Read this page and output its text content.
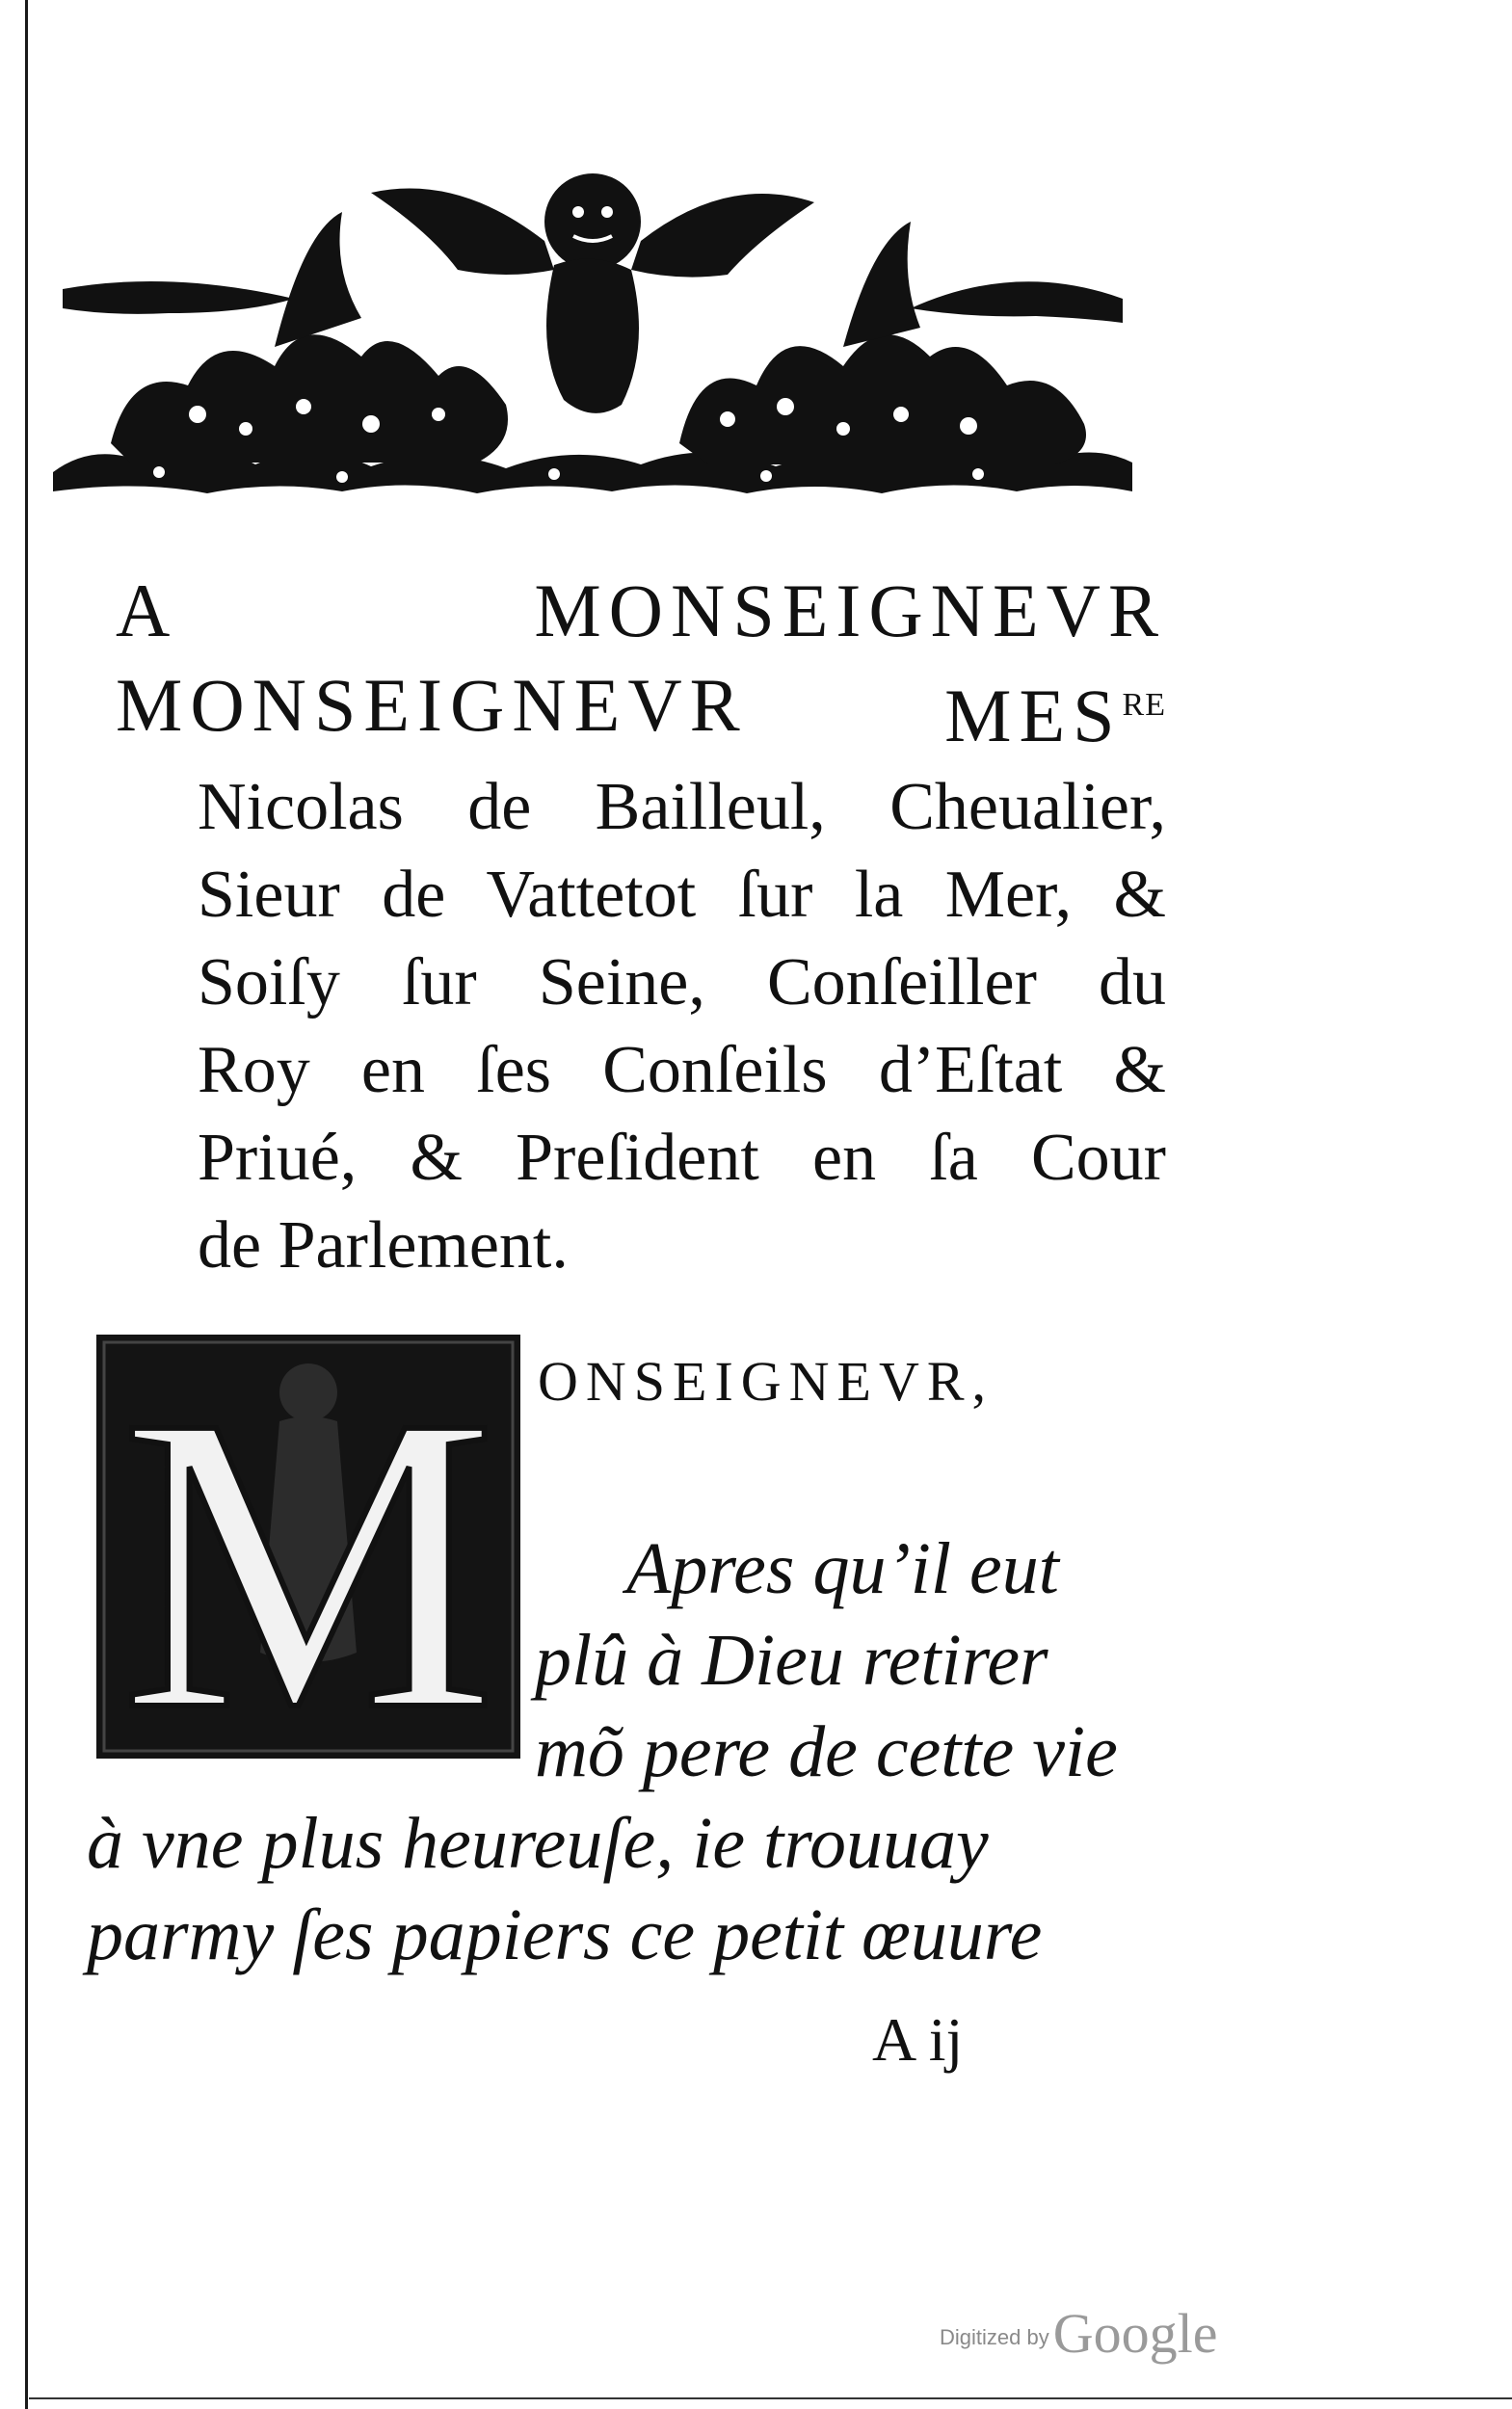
A	MONSEIGNEVR
MONSEIGNEVR	$MES^{RE}$
Nicolas de Bailleul, Cheualier,
Sieur de Vattetot ſur la Mer, &
Soiſy ſur Seine, Conſeiller du
Roy en ſes Conſeils d’Eſtat &
Priué, & Preſident en ſa Cour
de Parlement.
M ONSEIGNEVR,
Apres qu’il eut
plû à Dieu retirer
mõ pere de cette vie
à vne plus heureuſe, ie trouuay
parmy ſes papiers ce petit œuure
A ij
Digitized by Google
